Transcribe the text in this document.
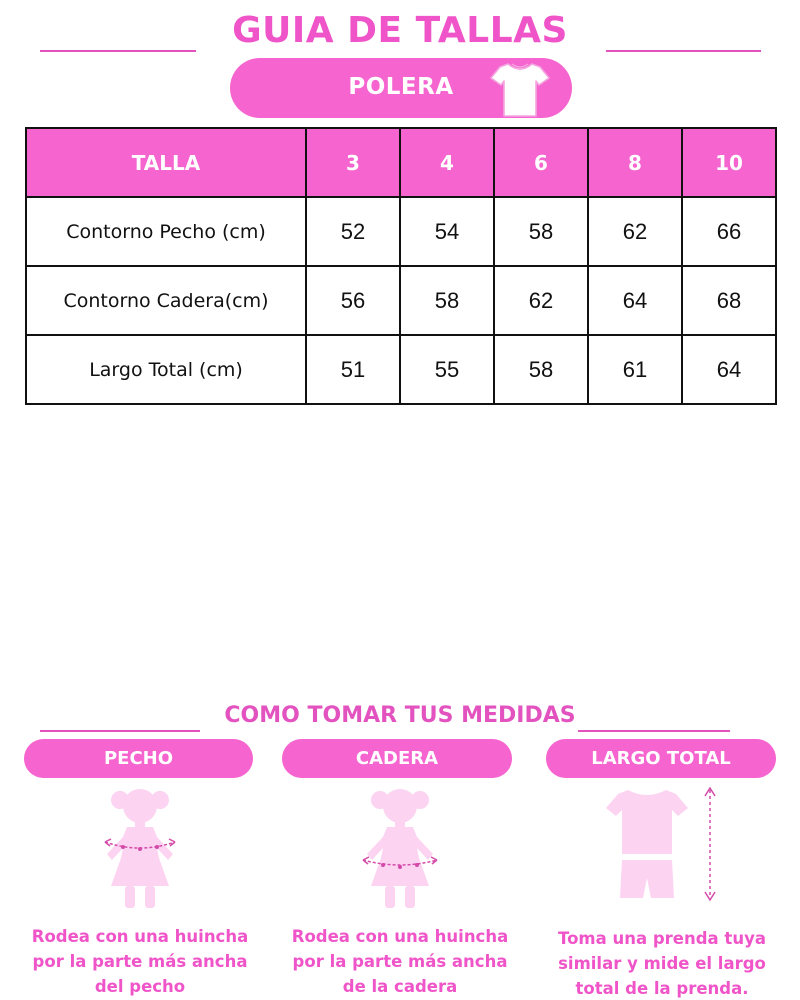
GUIA DE TALLAS
POLERA
TALLA	3	4	6	8	10
Contorno Pecho (cm)	52	54	58	62	66
Contorno Cadera(cm)	56	58	62	64	68
Largo Total (cm)	51	55	58	61	64
COMO TOMAR TUS MEDIDAS
PECHO	CADERA	LARGO TOTAL
Rodea con una huincha
por la parte más ancha
del pecho
Rodea con una huincha
por la parte más ancha
de la cadera
Toma una prenda tuya
similar y mide el largo
total de la prenda.
